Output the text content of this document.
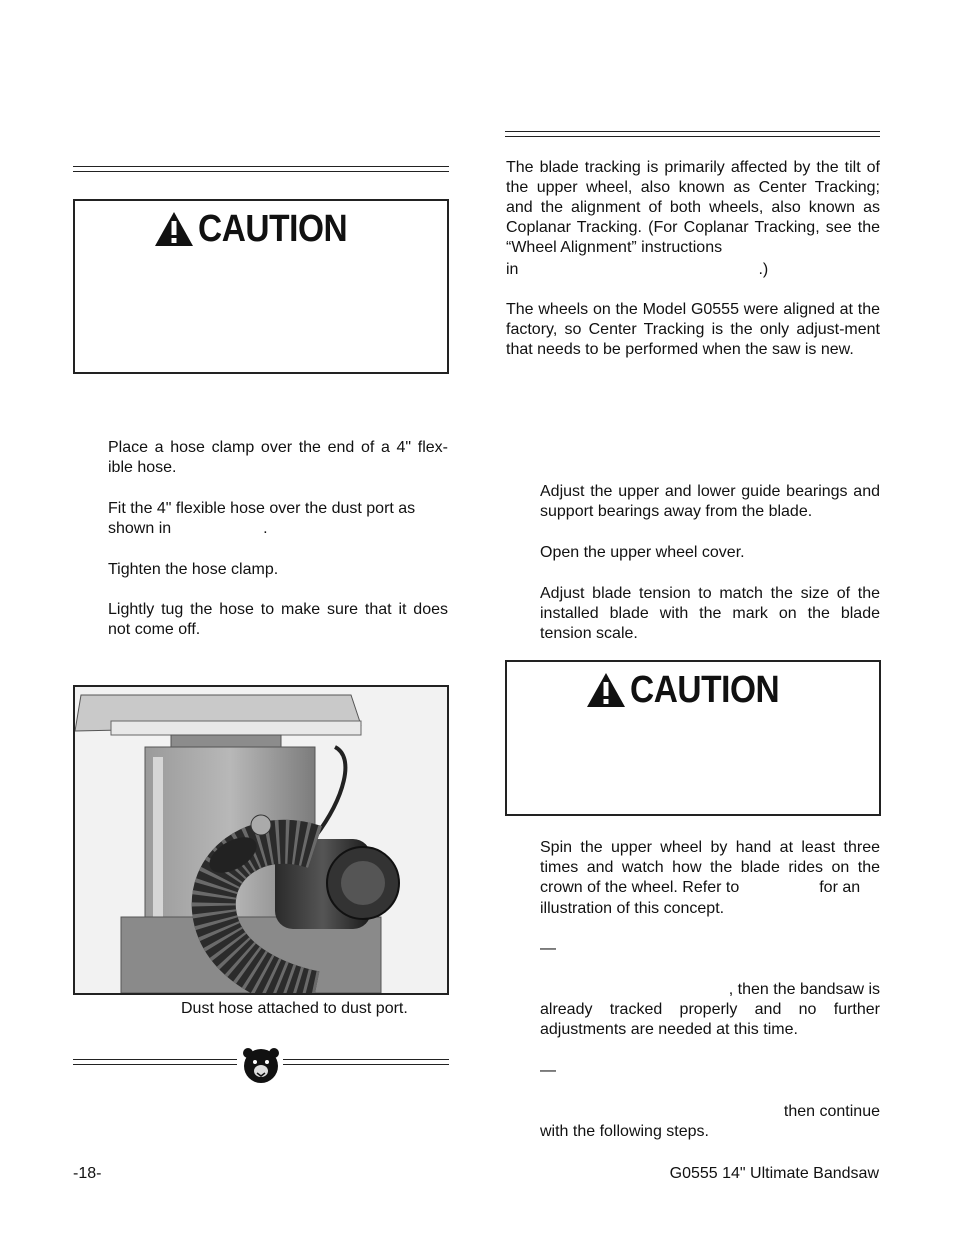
CAUTION
Place a hose clamp over the end of a 4" flex-ible hose.
Fit the 4" flexible hose over the dust port as shown in	.
Tighten the hose clamp.
Lightly tug the hose to make sure that it does not come off.
Dust hose attached to dust port.
The blade tracking is primarily affected by the tilt of the upper wheel, also known as Center Tracking; and the alignment of both wheels, also known as Coplanar Tracking. (For Coplanar Tracking, see the “Wheel Alignment” instructions
in	.)
The wheels on the Model G0555 were aligned at the factory, so Center Tracking is the only adjust-ment that needs to be performed when the saw is new.
Adjust the upper and lower guide bearings and support bearings away from the blade.
Open the upper wheel cover.
Adjust blade tension to match the size of the installed blade with the mark on the blade tension scale.
CAUTION
Spin the upper wheel by hand at least three times and watch how the blade rides on the crown of the wheel. Refer to	for an
illustration of this concept.
—
, then the bandsaw is
already tracked properly and no further adjustments are needed at this time.
—
then continue
with the following steps.
-18-	G0555 14" Ultimate Bandsaw
